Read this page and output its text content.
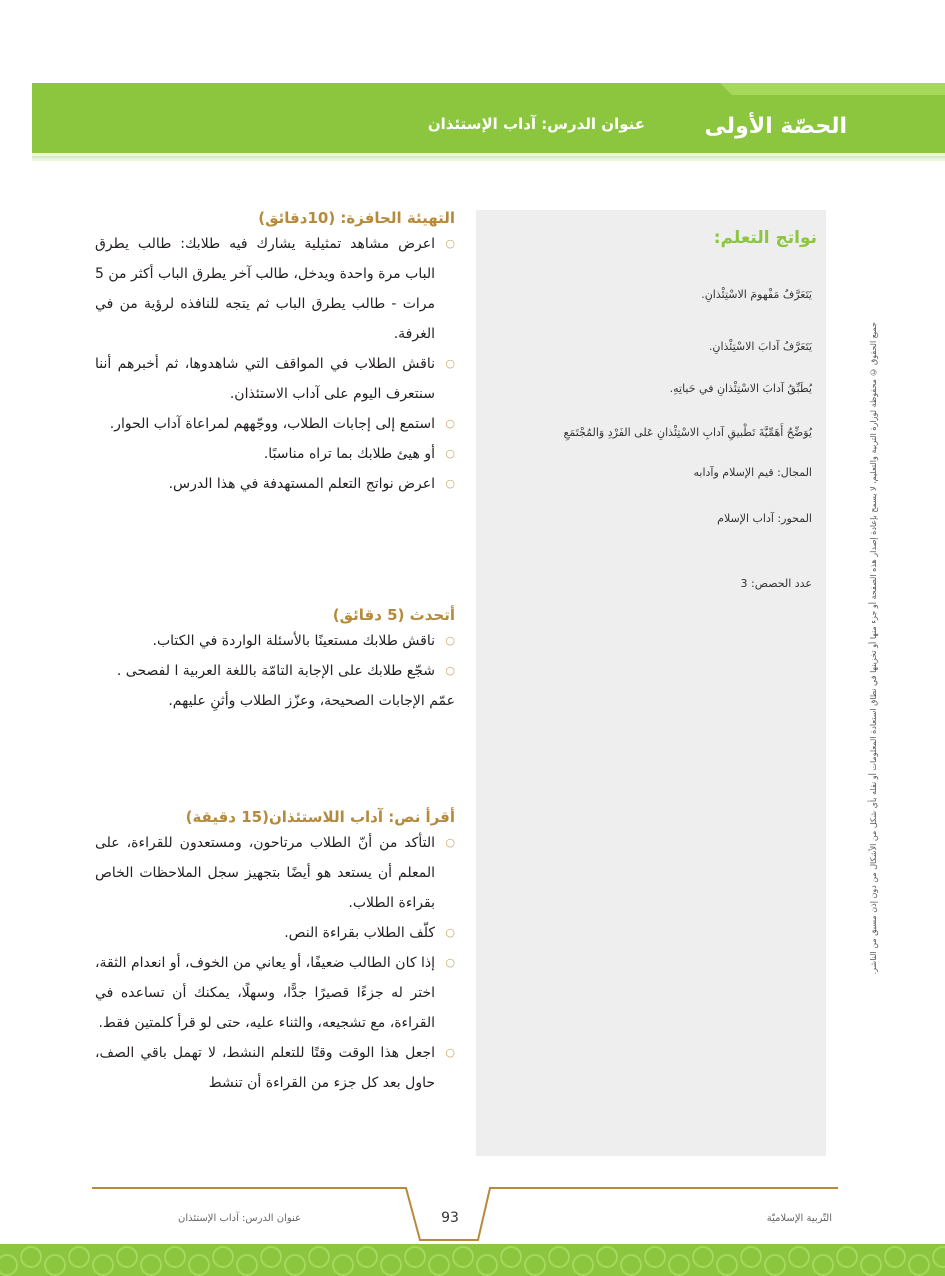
الحصّة الأولى
عنوان الدرس: آداب الإستئذان
نواتج التعلم:
يَتَعَرَّفُ مَفْهومَ الاسْتِئْذانِ.
يَتَعَرَّفُ آدابَ الاسْتِئْذانِ.
يُطَبِّقُ آدابَ الاسْتِئْذانِ في حَياتِهِ.
يُوَضِّحُ أَهَمِّيَّةَ تَطْبيقِ آدابِ الاسْتِئْذانِ عَلى الفَرْدِ وَالمُجْتَمَعِ
المجال: قيم الإسلام وآدابه
المحور: آداب الإسلام
عدد الحصص: 3	جميع الحقوق © محفوظة لوزارة التربية والتعليم، لا يسمح بإعادة إصدار هذه الصفحة أو جزء منها أو تخزينها في نطاق استعادة المعلومات أو نقله بأي شكل من الأشكال من دون إذن مسبق من الناشر.
التهيئة الحافزة: (10دقائق)
○
اعرض مشاهد تمثيلية يشارك فيه طلابك: طالب يطرق الباب مرة واحدة ويدخل، طالب آخر يطرق الباب أكثر من 5 مرات - طالب يطرق الباب ثم يتجه للنافذه لرؤية من في الغرفة.
○
ناقش الطلاب في المواقف التي شاهدوها، ثم أخبرهم أننا سنتعرف اليوم على آداب الاستئذان.
○
استمع إلى إجابات الطلاب، ووجّههم لمراعاة آداب الحوار.
○
أو هيئ طلابك بما تراه مناسبًا.
○
اعرض نواتج التعلم المستهدفة في هذا الدرس.
أتحدث (5 دقائق)
○
ناقش طلابك مستعينًا بالأسئلة الواردة في الكتاب.
○
شجّع طلابك على الإجابة التامّة باللغة العربية ا لفصحى .
عمّم الإجابات الصحيحة، وعزّز الطلاب وأثنِ عليهم.
أقرأ نص: آداب اللاستئذان(15 دقيقة)
○
التأكد من أنّ الطلاب مرتاحون، ومستعدون للقراءة، على المعلم أن يستعد هو أيضًا بتجهيز سجل الملاحظات الخاص بقراءة الطلاب.
○
كلّف الطلاب بقراءة النص.
○
إذا كان الطالب ضعيفًا، أو يعاني من الخوف، أو انعدام الثقة، اختر له جزءًا قصيرًا جدًّا، وسهلًا، يمكنك أن تساعده في القراءة، مع تشجيعه، والثناء عليه، حتى لو قرأ كلمتين فقط.
○
اجعل هذا الوقت وقتًا للتعلم النشط، لا تهمل باقي الصف، حاول بعد كل جزء من القراءة أن تنشط
93
عنوان الدرس: آداب الإستئذان	التّربية الإسلاميّة
